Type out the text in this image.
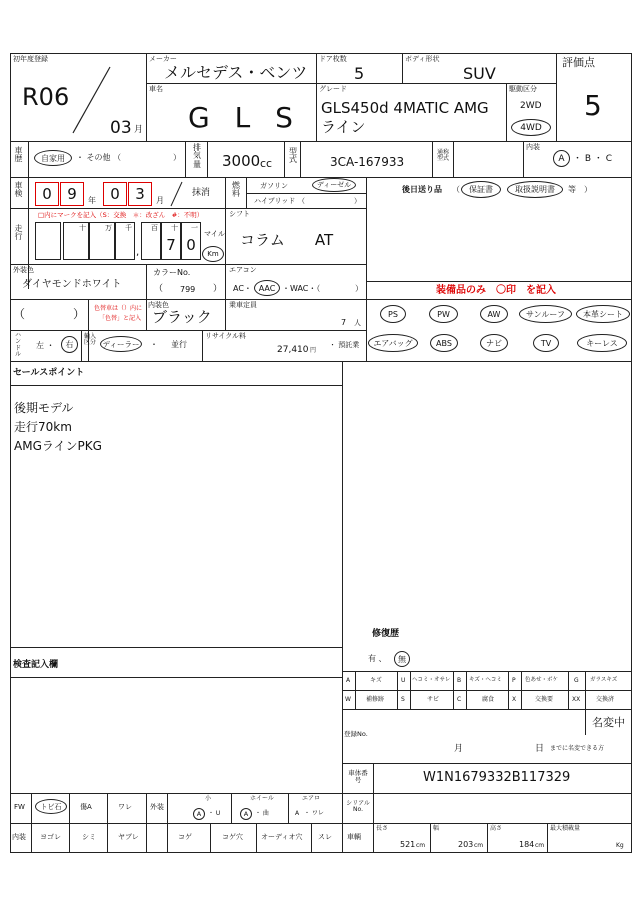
初年度登録
R06
03 月
メーカー
メルセデス・ベンツ
ドア枚数
5
ボディ形状
SUV
評価点
5
車名
G L S
グレード
GLS450d 4MATIC AMG
ライン
駆動区分
2WD
4WD
車歴 自家用 ・ その他 （	）
排気量 3000 cc
型式	3CA-167933
通称型式
内装
A ・ B ・ C
車検 0 9 年 0 3 月
抹消
燃料
ガソリン	ディーゼル
ハイブリッド （　　　　　　　）
後日送り品 （ 保証書	取扱説明書 等　）
走行
□内にマークを記入（S：交換　＊：改ざん　#：不明）
十	万 千
,
百 十
7
一
0
マイル
Km
シフト
コラム　　AT
外装色
ダイヤモンドホワイト
カラーNo.
（ 799 ）
エアコン
AC・ AAC ・WAC・（	）	装備品のみ　〇印　を記入
PS	PW	AW	サンルーフ 本革シート
エアバッグ	ABS	ナビ	TV	キーレス
（	） 色替車は（）内に
「色替」と記入
内装色
ブラック
乗車定員
7 人
ハンドル
左 ・ 右
輸入区分 ディーラー ・ 並行
リサイクル料
27,410 円
・ 預託業
セールスポイント
後期モデル
走行70km
AMGラインPKG
検査記入欄
修復歴
有 、 無
A	キズ	U ヘコミ・オサレ B キズ・ヘコミ P 色あせ・ボケ	G ガラスキズ
W	補修跡	S	サビ	C	腐食	X	交換要	XX	交換済
名変中
登録No.
月	日 までに名変できる方
車体番号	W1N1679332B117329
FW トビ石	傷A	ワレ	外装
小
A ・ U
ホイール
A ・ 曲
エアロ
A ・ ワレ
シリアルNo.
内装 ヨゴレ	シミ	ヤブレ	コゲ	コゲ穴	オーディオ穴 スレ 車輌
長さ
521 cm
幅
203 cm
高さ
184 cm
最大積載量
Kg
